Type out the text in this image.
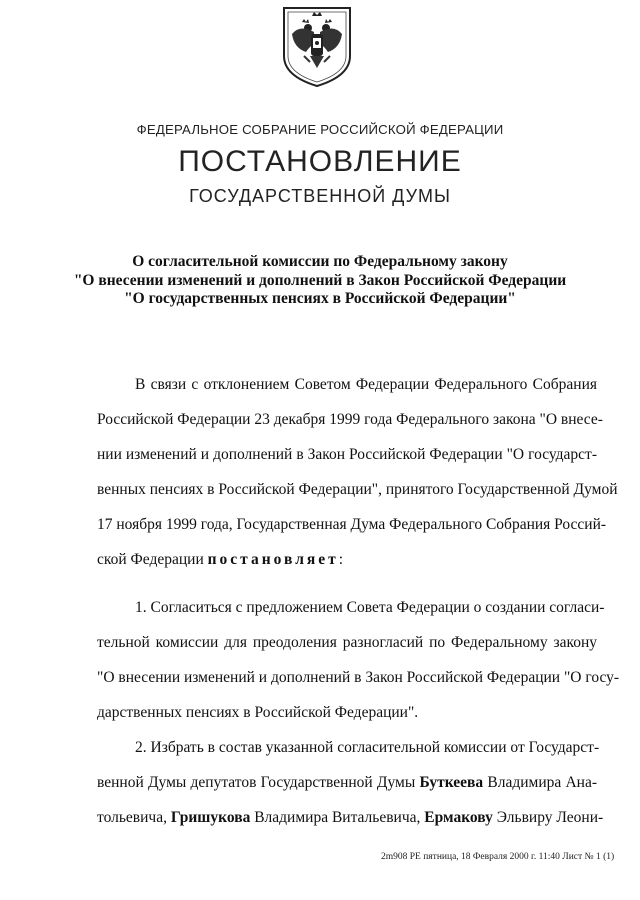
ФЕДЕРАЛЬНОЕ СОБРАНИЕ РОССИЙСКОЙ ФЕДЕРАЦИИ
ПОСТАНОВЛЕНИЕ
ГОСУДАРСТВЕННОЙ ДУМЫ
О согласительной комиссии по Федеральному закону
"О внесении изменений и дополнений в Закон Российской Федерации
"О государственных пенсиях в Российской Федерации"
В связи с отклонением Советом Федерации Федерального Собрания
Российской Федерации 23 декабря 1999 года Федерального закона "О внесе-
нии изменений и дополнений в Закон Российской Федерации "О государст-
венных пенсиях в Российской Федерации", принятого Государственной Думой
17 ноября 1999 года, Государственная Дума Федерального Собрания Россий-
ской Федерации постановляет:
1. Согласиться с предложением Совета Федерации о создании согласи-
тельной комиссии для преодоления разногласий по Федеральному закону
"О внесении изменений и дополнений в Закон Российской Федерации "О госу-
дарственных пенсиях в Российской Федерации".
2. Избрать в состав указанной согласительной комиссии от Государст-
венной Думы депутатов Государственной Думы Буткеева Владимира Ана-
тольевича, Гришукова Владимира Витальевича, Ермакову Эльвиру Леони-
2m908 PE пятница, 18 Февраля 2000 г. 11:40 Лист № 1 (1)
